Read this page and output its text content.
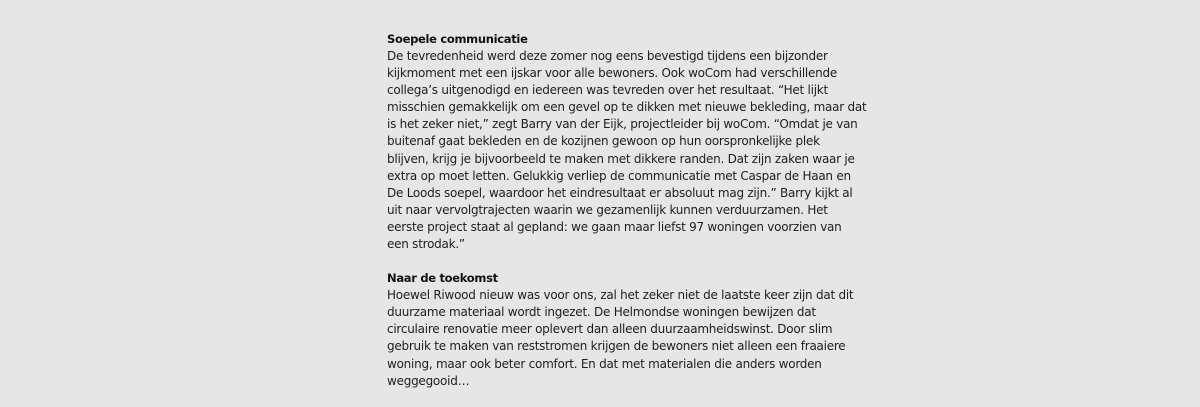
Soepele communicatie
De tevredenheid werd deze zomer nog eens bevestigd tijdens een bijzonder
kijkmoment met een ijskar voor alle bewoners. Ook woCom had verschillende
collega’s uitgenodigd en iedereen was tevreden over het resultaat. “Het lijkt
misschien gemakkelijk om een gevel op te dikken met nieuwe bekleding, maar dat
is het zeker niet,” zegt Barry van der Eijk, projectleider bij woCom. “Omdat je van
buitenaf gaat bekleden en de kozijnen gewoon op hun oorspronkelijke plek
blijven, krijg je bijvoorbeeld te maken met dikkere randen. Dat zijn zaken waar je
extra op moet letten. Gelukkig verliep de communicatie met Caspar de Haan en
De Loods soepel, waardoor het eindresultaat er absoluut mag zijn.” Barry kijkt al
uit naar vervolgtrajecten waarin we gezamenlijk kunnen verduurzamen. Het
eerste project staat al gepland: we gaan maar liefst 97 woningen voorzien van
een strodak.”
Naar de toekomst
Hoewel Riwood nieuw was voor ons, zal het zeker niet de laatste keer zijn dat dit
duurzame materiaal wordt ingezet. De Helmondse woningen bewijzen dat
circulaire renovatie meer oplevert dan alleen duurzaamheidswinst. Door slim
gebruik te maken van reststromen krijgen de bewoners niet alleen een fraaiere
woning, maar ook beter comfort. En dat met materialen die anders worden
weggegooid…
